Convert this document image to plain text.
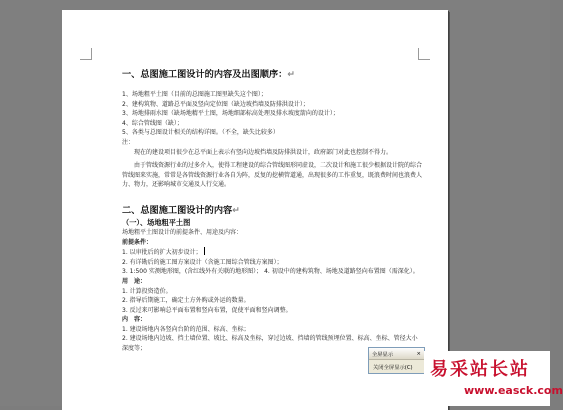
一、总图施工图设计的内容及出图顺序：↵
1、场地粗平土图（目前的总图施工图里缺失这个图）；
2、建构筑物、道路总平面及竖向定位图（缺边坡挡墙及防排洪设计）；
3、场地排雨水图（缺场地精平土图，场地细部标高处理及排水坡度箭向的设计）；
4、综合管线图（缺）；
5、各类与总图设计相关的结构详图。（不全，缺失比较多）
注：
现在的建设项目很少在总平面上表示有竖向边坡挡墙及防排洪设计，政府部门对此也控制不得力。
由于管线资源行业的过多介入，使得工程建设的综合管线图形同虚设，二次设计和施工很少根据设计院的综合管线图来实施，常常是各管线资源行业各自为阵，反复的挖横管道通，出现很多的工作重复，既浪费时间也浪费人力、物力，还影响城市交通及人行交通。
二、总图施工图设计的内容↵
（一）、场地粗平土图
场地粗平土图设计的前提条件、用途及内容：
前提条件：
1. 以审批后的扩大初步设计；
2. 有详勘后的施工图方案设计（含施工图综合管线方案图）；
3. 1:500 实测地形图，(含红线外有关联的地形图）； 4. 初设中的建构筑物、场地及道路竖向布置图（需深化）。
用　途：
1. 计算投资造价。
2. 指导后期施工，确定土方外购或外运的数量。
3. 反过来可影响总平面布置和竖向布置，促使平面和竖向调整。
内　容：
1. 建设场地内各竖向台阶的范围、标高、坐标；
2. 建设场地内边坡、挡土墙位置、坡比、标高及坐标，穿过边坡、挡墙的管线预埋位置、标高、坐标、管径大小深度等；
全屏显示	×
关闭全屏显示(C) 易采站长站
www.easck.com
